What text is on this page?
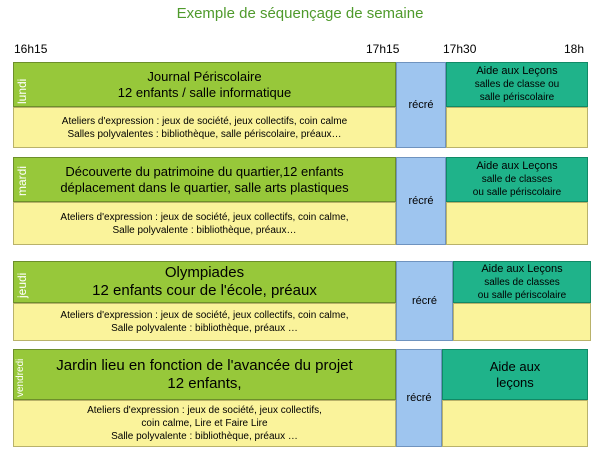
Exemple de séquençage de semaine
16h15	17h15	17h30	18h
Journal Périscolaire
12 enfants / salle informatique
lundi
Ateliers d'expression : jeux de société, jeux collectifs, coin calme
Salles polyvalentes : bibliothèque, salle périscolaire, préaux…
récré
Aide aux Leçons
salles de classe ou
salle périscolaire
Découverte du patrimoine du quartier,12 enfants
déplacement dans le quartier, salle arts plastiques
mardi
Ateliers d'expression : jeux de société, jeux collectifs, coin calme,
Salle polyvalente : bibliothèque, préaux…
récré
Aide aux Leçons
salle de classes
ou salle périscolaire
Olympiades
12 enfants cour de l'école, préaux
jeudi
Ateliers d'expression : jeux de société, jeux collectifs, coin calme,
Salle polyvalente : bibliothèque, préaux …
récré
Aide aux Leçons
salles de classes
ou salle périscolaire
Jardin lieu en fonction de l'avancée du projet
12 enfants,
vendredi
Ateliers d'expression : jeux de société, jeux collectifs,
coin calme, Lire et Faire Lire
Salle polyvalente : bibliothèque, préaux …
récré
Aide aux
leçons
